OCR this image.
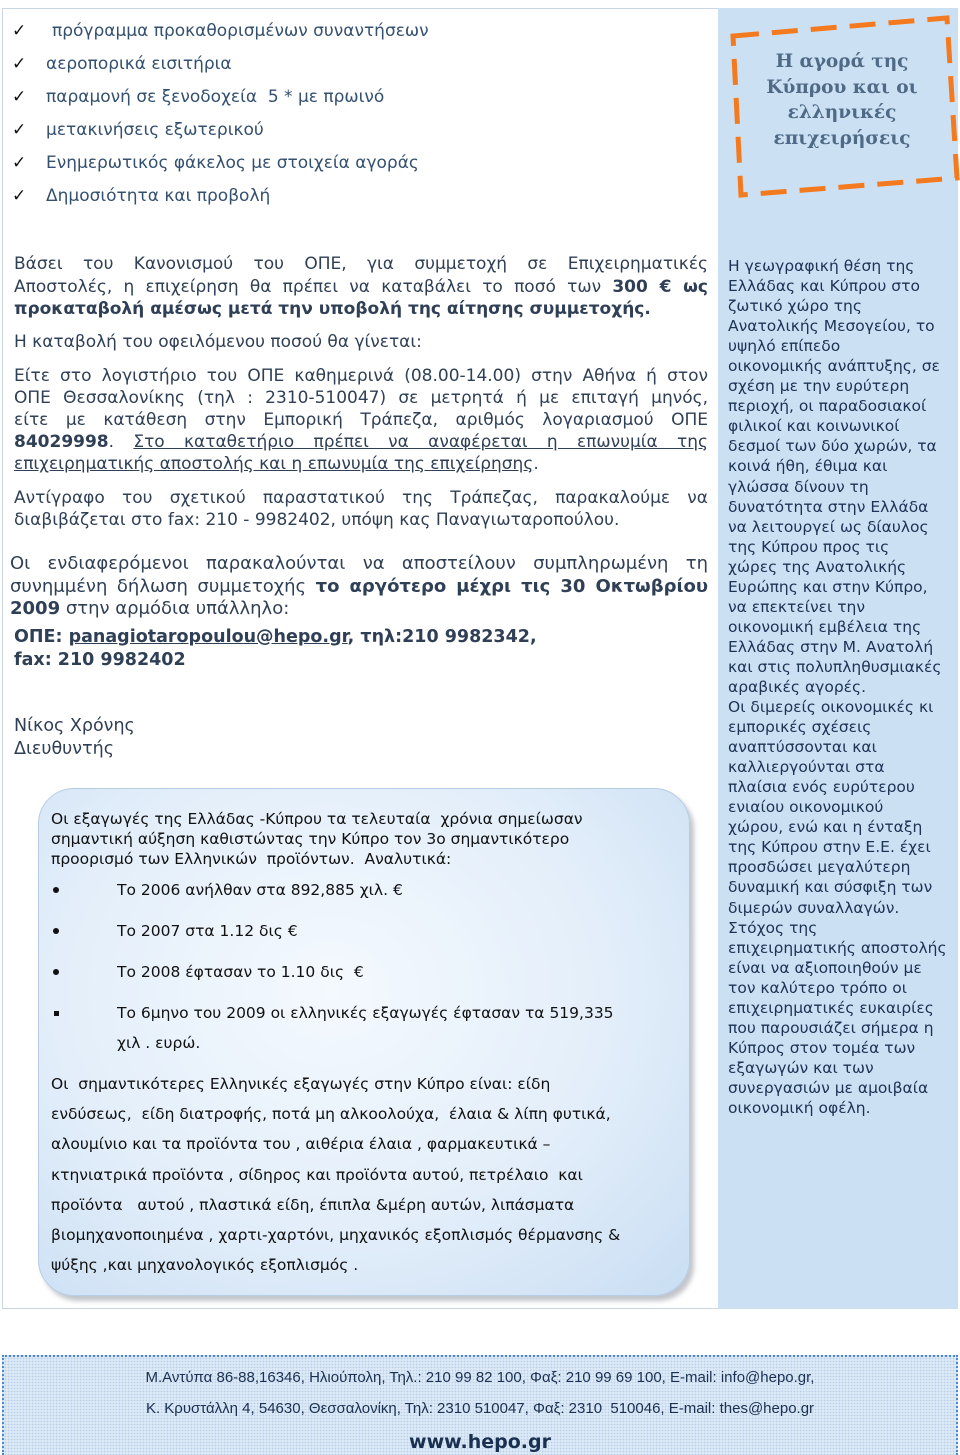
Η αγορά της
Κύπρου και οι
ελληνικές
επιχειρήσεις
✓
πρόγραμμα προκαθορισμένων συναντήσεων
✓
αεροπορικά εισιτήρια
✓
παραμονή σε ξενοδοχεία  5 * με πρωινό
✓
μετακινήσεις εξωτερικού
✓
Ενημερωτικός φάκελος με στοιχεία αγοράς
✓
Δημοσιότητα και προβολή
Βάσει του Κανονισμού του ΟΠΕ, για συμμετοχή σε Επιχειρηματικές
Αποστολές, η επιχείρηση θα πρέπει να καταβάλει το ποσό των 300 € ως
προκαταβολή αμέσως μετά την υποβολή της αίτησης συμμετοχής.
Η καταβολή του οφειλόμενου ποσού θα γίνεται:
Είτε στο λογιστήριο του ΟΠΕ καθημερινά (08.00-14.00) στην Αθήνα ή στον
ΟΠΕ Θεσσαλονίκης (τηλ : 2310-510047) σε μετρητά ή με επιταγή μηνός,
είτε με κατάθεση στην Εμπορική Τράπεζα, αριθμός λογαριασμού ΟΠΕ
84029998. Στο καταθετήριο πρέπει να αναφέρεται η επωνυμία της
επιχειρηματικής αποστολής και η επωνυμία της επιχείρησης.
Αντίγραφο του σχετικού παραστατικού της Τράπεζας, παρακαλούμε να
διαβιβάζεται στο fax: 210 - 9982402, υπόψη κας Παναγιωταροπούλου.
Οι ενδιαφερόμενοι παρακαλούνται να αποστείλουν συμπληρωμένη τη
συνημμένη δήλωση συμμετοχής το αργότερο μέχρι τις 30 Οκτωβρίου
2009 στην αρμόδια υπάλληλο:
ΟΠΕ: panagiotaropoulou@hepo.gr, τηλ:210 9982342,
fax: 210 9982402
Νίκος Χρόνης
Διευθυντής
Οι εξαγωγές της Ελλάδας -Κύπρου τα τελευταία  χρόνια σημείωσαν
σημαντική αύξηση καθιστώντας την Κύπρο τον 3ο σημαντικότερο
προορισμό των Ελληνικών  προϊόντων.  Αναλυτικά:
Το 2006 ανήλθαν στα 892,885 χιλ. €
Το 2007 στα 1.12 δις €
Το 2008 έφτασαν το 1.10 δις  €
Το 6μηνο του 2009 οι ελληνικές εξαγωγές έφτασαν τα 519,335
χιλ . ευρώ.
Οι  σημαντικότερες Ελληνικές εξαγωγές στην Κύπρο είναι: είδη
ενδύσεως,  είδη διατροφής, ποτά μη αλκοολούχα,  έλαια & λίπη φυτικά,
αλουμίνιο και τα προϊόντα του , αιθέρια έλαια , φαρμακευτικά –
κτηνιατρικά προϊόντα , σίδηρος και προϊόντα αυτού, πετρέλαιο  και
προϊόντα   αυτού , πλαστικά είδη, έπιπλα &μέρη αυτών, λιπάσματα
βιομηχανοποιημένα , χαρτι-χαρτόνι, μηχανικός εξοπλισμός θέρμανσης &
ψύξης ,και μηχανολογικός εξοπλισμός .
Η γεωγραφική θέση της
Ελλάδας και Κύπρου στο
ζωτικό χώρο της
Ανατολικής Μεσογείου, το
υψηλό επίπεδο
οικονομικής ανάπτυξης, σε
σχέση με την ευρύτερη
περιοχή, οι παραδοσιακοί
φιλικοί και κοινωνικοί
δεσμοί των δύο χωρών, τα
κοινά ήθη, έθιμα και
γλώσσα δίνουν τη
δυνατότητα στην Ελλάδα
να λειτουργεί ως δίαυλος
της Κύπρου προς τις
χώρες της Ανατολικής
Ευρώπης και στην Κύπρο,
να επεκτείνει την
οικονομική εμβέλεια της
Ελλάδας στην Μ. Ανατολή
και στις πολυπληθυσμιακές
αραβικές αγορές.
Οι διμερείς οικονομικές κι
εμπορικές σχέσεις
αναπτύσσονται και
καλλιεργούνται στα
πλαίσια ενός ευρύτερου
ενιαίου οικονομικού
χώρου, ενώ και η ένταξη
της Κύπρου στην Ε.Ε. έχει
προσδώσει μεγαλύτερη
δυναμική και σύσφιξη των
διμερών συναλλαγών.
Στόχος της
επιχειρηματικής αποστολής
είναι να αξιοποιηθούν με
τον καλύτερο τρόπο οι
επιχειρηματικές ευκαιρίες
που παρουσιάζει σήμερα η
Κύπρος στον τομέα των
εξαγωγών και των
συνεργασιών με αμοιβαία
οικονομική οφέλη.
Μ.Αντύπα 86-88,16346, Ηλιούπολη, Τηλ.: 210 99 82 100, Φαξ: 210 99 69 100, E-mail: info@hepo.gr,
Κ. Κρυστάλλη 4, 54630, Θεσσαλονίκη, Τηλ: 2310 510047, Φαξ: 2310  510046, E-mail: thes@hepo.gr
www.hepo.gr
